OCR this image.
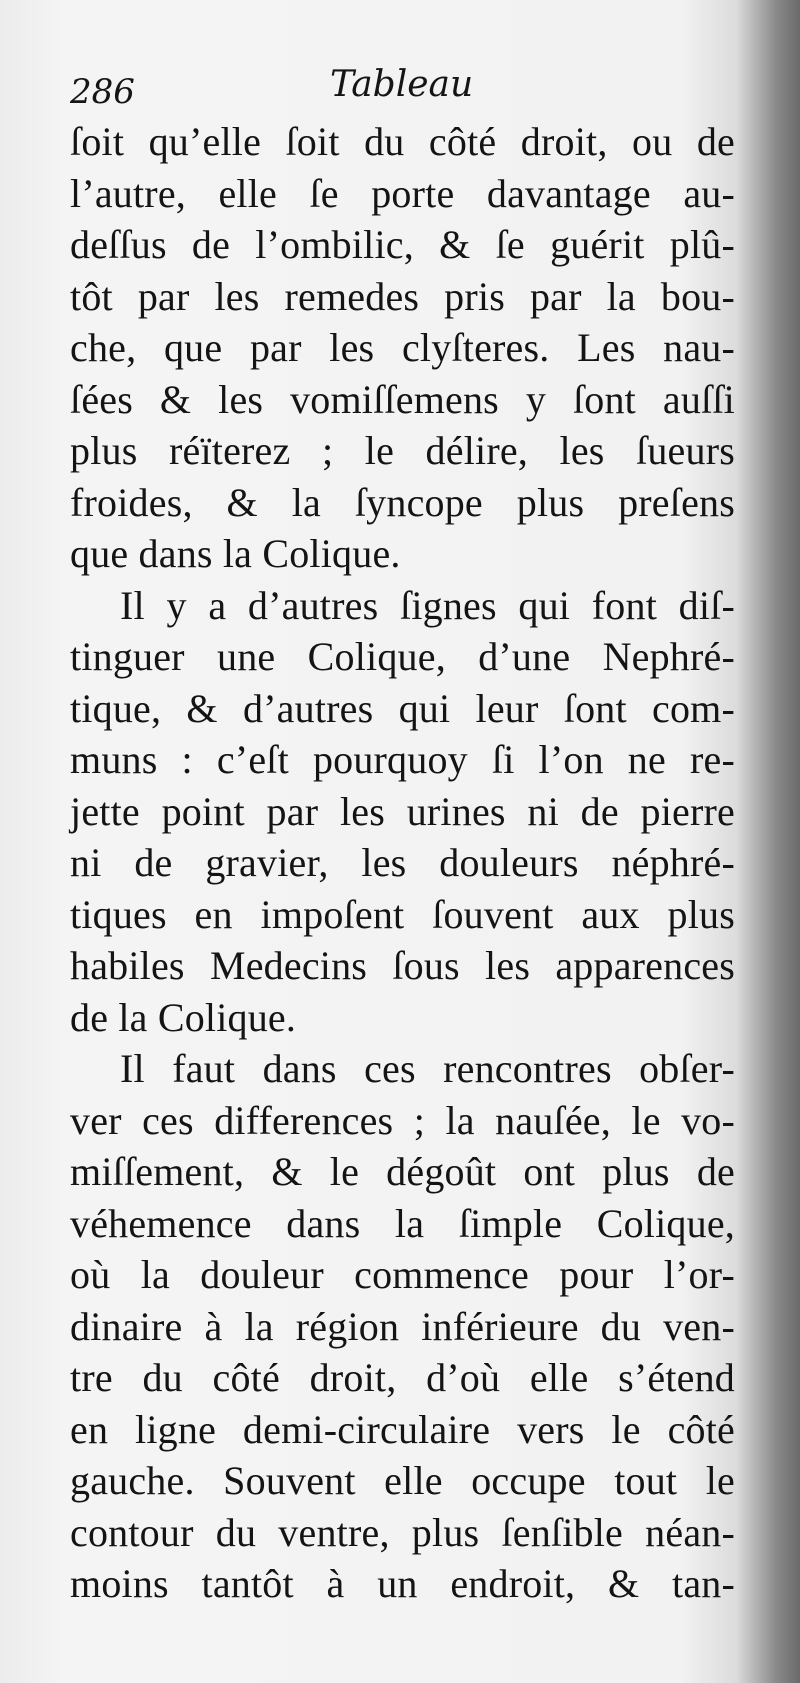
286	Tableau

ſoit qu’elle ſoit du côté droit, ou de
l’autre, elle ſe porte davantage au-
deſſus de l’ombilic, & ſe guérit plû-
tôt par les remedes pris par la bou-
che, que par les clyſteres. Les nau-
ſées & les vomiſſemens y ſont auſſi
plus réïterez ; le délire, les ſueurs
froides, & la ſyncope plus preſens
que dans la Colique.

Il y a d’autres ſignes qui font diſ-
tinguer une Colique, d’une Nephré-
tique, & d’autres qui leur ſont com-
muns : c’eſt pourquoy ſi l’on ne re-
jette point par les urines ni de pierre
ni de gravier, les douleurs néphré-
tiques en impoſent ſouvent aux plus
habiles Medecins ſous les apparences
de la Colique.

Il faut dans ces rencontres obſer-
ver ces differences ; la nauſée, le vo-
miſſement, & le dégoût ont plus de
véhemence dans la ſimple Colique,
où la douleur commence pour l’or-
dinaire à la région inférieure du ven-
tre du côté droit, d’où elle s’étend
en ligne demi-circulaire vers le côté
gauche. Souvent elle occupe tout le
contour du ventre, plus ſenſible néan-
moins tantôt à un endroit, & tan-
